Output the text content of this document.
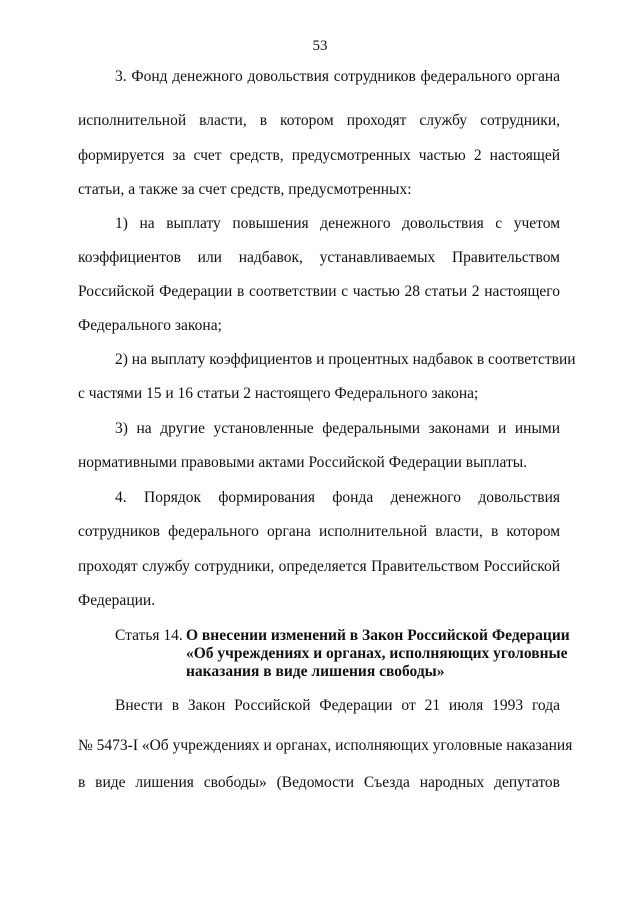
53
3. Фонд денежного довольствия сотрудников федерального органа
исполнительной власти, в котором проходят службу сотрудники,
формируется за счет средств, предусмотренных частью 2 настоящей
статьи, а также за счет средств, предусмотренных:
1) на выплату повышения денежного довольствия с учетом
коэффициентов или надбавок, устанавливаемых Правительством
Российской Федерации в соответствии с частью 28 статьи 2 настоящего
Федерального закона;
2) на выплату коэффициентов и процентных надбавок в соответствии
с частями 15 и 16 статьи 2 настоящего Федерального закона;
3) на другие установленные федеральными законами и иными
нормативными правовыми актами Российской Федерации выплаты.
4. Порядок формирования фонда денежного довольствия
сотрудников федерального органа исполнительной власти, в котором
проходят службу сотрудники, определяется Правительством Российской
Федерации.
Статья 14. О внесении изменений в Закон Российской Федерации
«Об учреждениях и органах, исполняющих уголовные
наказания в виде лишения свободы»
Внести в Закон Российской Федерации от 21 июля 1993 года
№ 5473-I «Об учреждениях и органах, исполняющих уголовные наказания
в виде лишения свободы» (Ведомости Съезда народных депутатов
